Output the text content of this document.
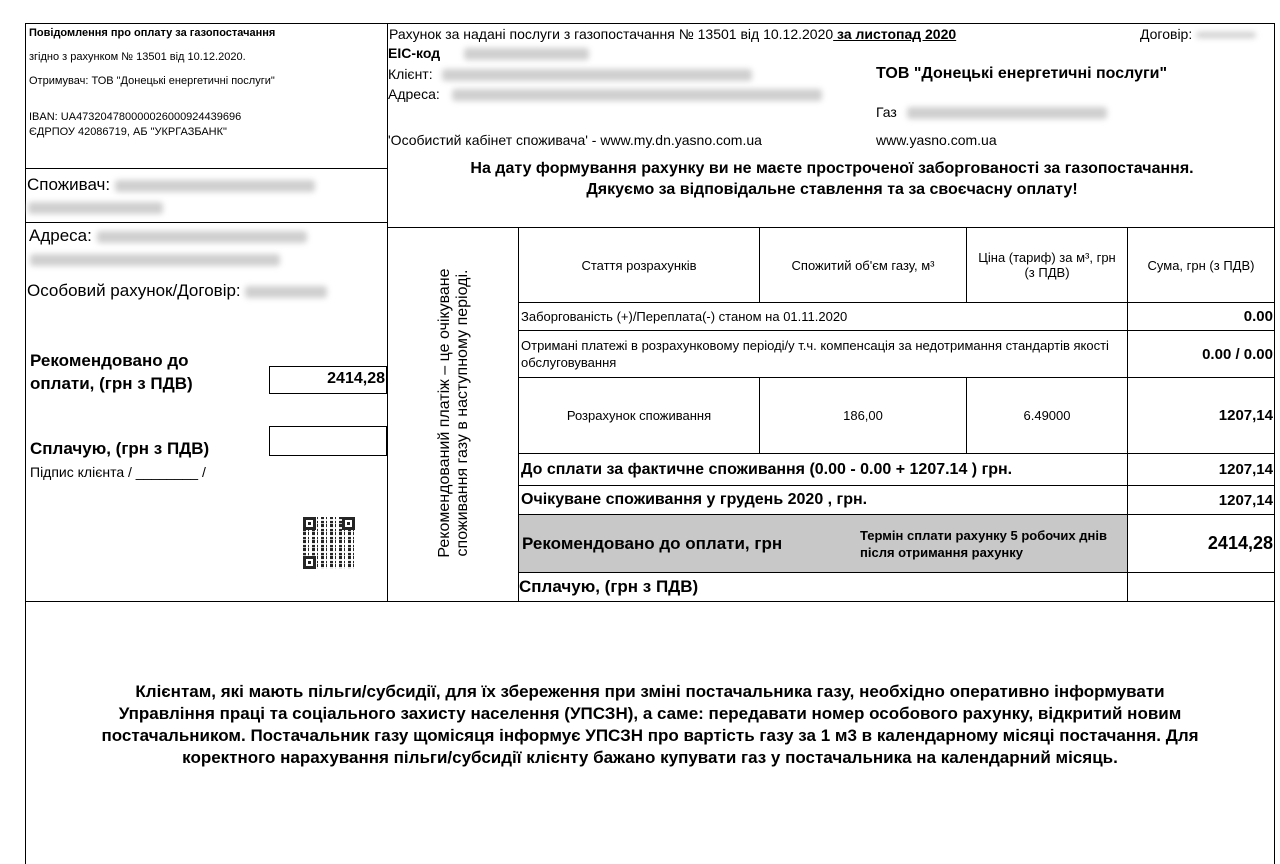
Повідомлення про оплату за газопостачання
згідно з рахунком № 13501 від 10.12.2020.
Отримувач: ТОВ "Донецькі енергетичні послуги"
IBAN: UA473204780000026000924439696
ЄДРПОУ 42086719, АБ "УКРГАЗБАНК"
Споживач:
Адреса:
Особовий рахунок/Договір:
Рекомендовано до
оплати, (грн з ПДВ)	2414,28
Сплачую, (грн з ПДВ)
Підпис клієнта / ________ /
Рахунок за надані послуги з газопостачання № 13501 від 10.12.2020 за листопад 2020	Договір:
ЕІС-код
Клієнт:
Адреса:
ТОВ "Донецькі енергетичні послуги"
Газ
'Особистий кабінет споживача' - www.my.dn.yasno.com.ua	www.yasno.com.ua
На дату формування рахунку ви не маєте простроченої заборгованості за газопостачання.
Дякуємо за відповідальне ставлення та за своєчасну оплату!
Рекомендований платіж – це очікуване споживання газу в наступному періоді.
Стаття розрахунків	Спожитий об'єм газу, м³	Ціна (тариф) за м³, грн (з ПДВ)	Сума, грн (з ПДВ)
Заборгованість (+)/Переплата(-) станом на 01.11.2020	0.00
Отримані платежі в розрахунковому періоді/у т.ч. компенсація за недотримання стандартів якості обслуговування	0.00 / 0.00
Розрахунок споживання	186,00	6.49000	1207,14
До сплати за фактичне споживання (0.00 - 0.00 + 1207.14 ) грн.	1207,14
Очікуване споживання у грудень 2020 , грн.	1207,14
Рекомендовано до оплати, грн	Термін сплати рахунку 5 робочих днів після отримання рахунку	2414,28
Сплачую, (грн з ПДВ)
Клієнтам, які мають пільги/субсидії, для їх збереження при зміні постачальника газу, необхідно оперативно інформувати Управління праці та соціального захисту населення (УПСЗН), а саме: передавати номер особового рахунку, відкритий новим постачальником. Постачальник газу щомісяця інформує УПСЗН про вартість газу за 1 м3 в календарному місяці постачання. Для коректного нарахування пільги/субсидії клієнту бажано купувати газ у постачальника на календарний місяць.
